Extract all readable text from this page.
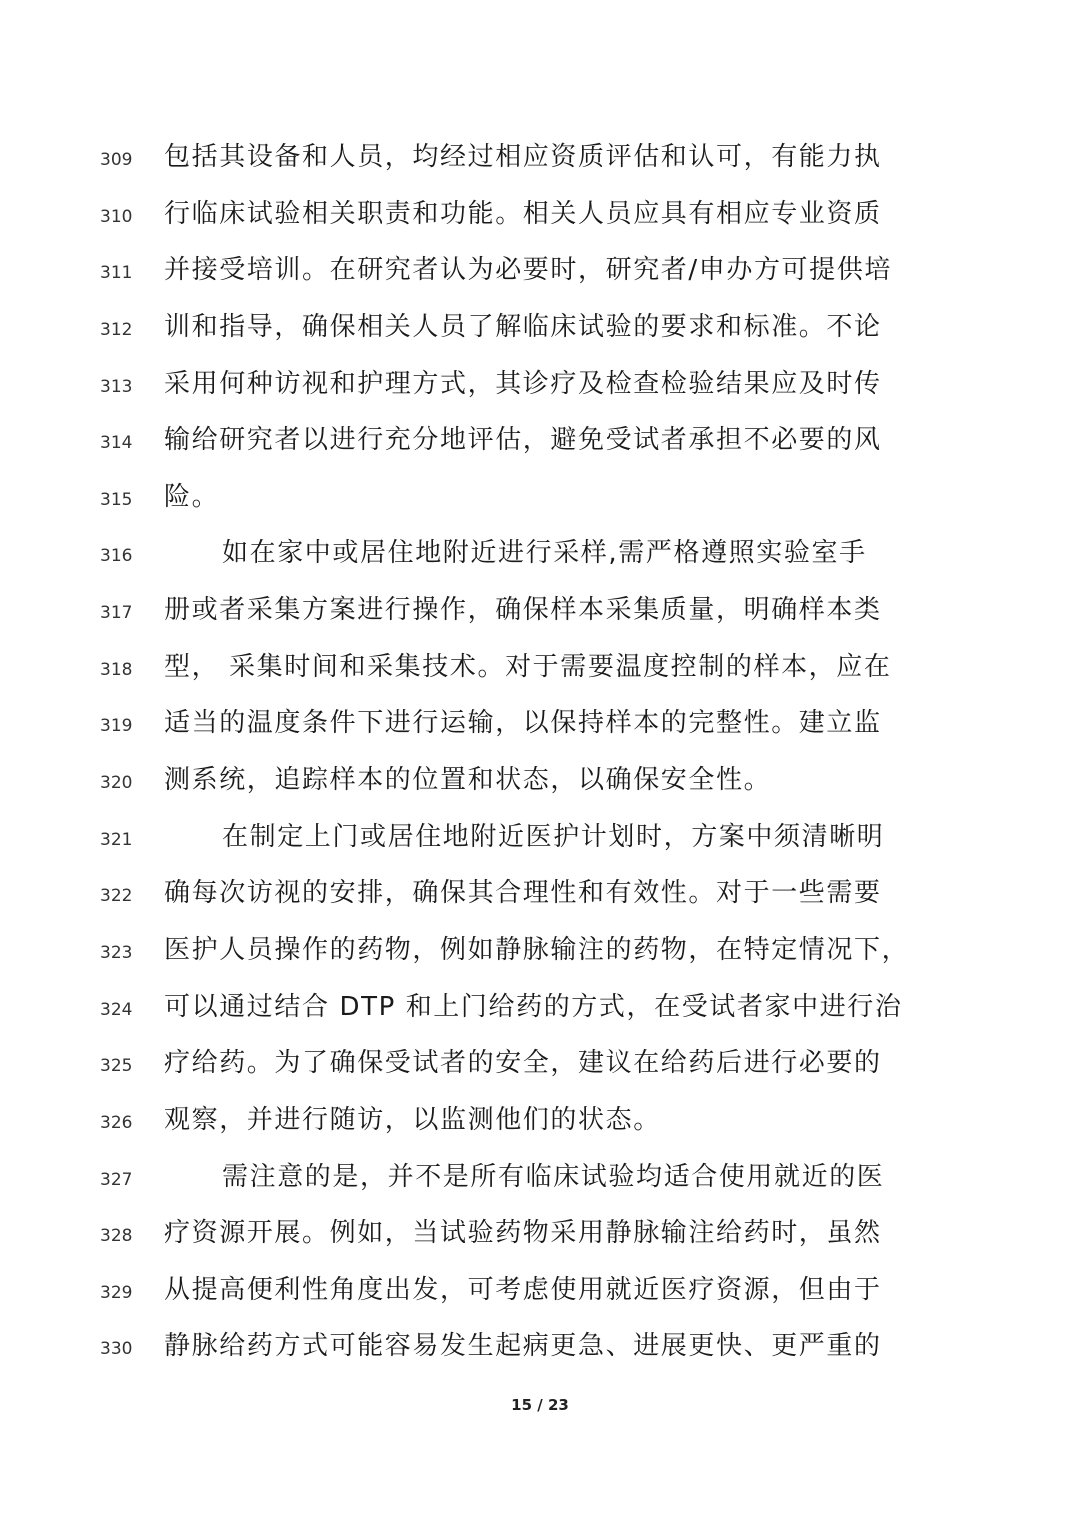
309 包括其设备和人员，均经过相应资质评估和认可，有能力执
310 行临床试验相关职责和功能。相关人员应具有相应专业资质
311 并接受培训。在研究者认为必要时，研究者/申办方可提供培
312 训和指导，确保相关人员了解临床试验的要求和标准。不论
313 采用何种访视和护理方式，其诊疗及检查检验结果应及时传
314 输给研究者以进行充分地评估，避免受试者承担不必要的风
315 险。
316	如在家中或居住地附近进行采样,需严格遵照实验室手
317 册或者采集方案进行操作，确保样本采集质量，明确样本类
318 型， 采集时间和采集技术。对于需要温度控制的样本，应在
319 适当的温度条件下进行运输，以保持样本的完整性。建立监
320 测系统，追踪样本的位置和状态，以确保安全性。
321	在制定上门或居住地附近医护计划时，方案中须清晰明
322 确每次访视的安排，确保其合理性和有效性。对于一些需要
323 医护人员操作的药物，例如静脉输注的药物，在特定情况下，
324 可以通过结合 DTP 和上门给药的方式，在受试者家中进行治
325 疗给药。为了确保受试者的安全，建议在给药后进行必要的
326 观察，并进行随访，以监测他们的状态。
327	需注意的是，并不是所有临床试验均适合使用就近的医
328 疗资源开展。例如，当试验药物采用静脉输注给药时，虽然
329 从提高便利性角度出发，可考虑使用就近医疗资源，但由于
330 静脉给药方式可能容易发生起病更急、进展更快、更严重的
15 / 23
